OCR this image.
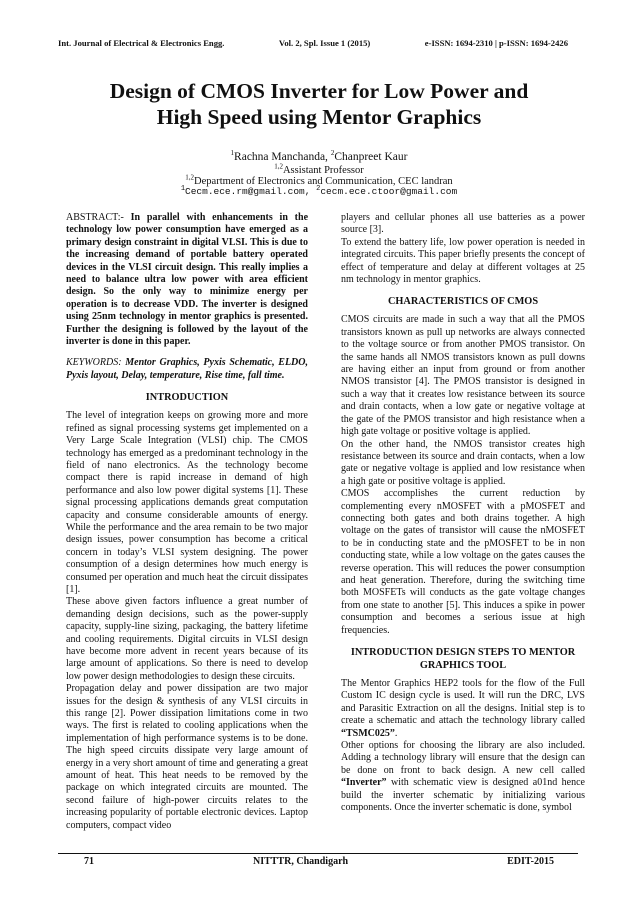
Int. Journal of Electrical & Electronics Engg.	Vol. 2, Spl. Issue 1 (2015)	e-ISSN: 1694-2310 | p-ISSN: 1694-2426
Design of CMOS Inverter for Low Power and
High Speed using Mentor Graphics
$^1$Rachna Manchanda, $^2$Chanpreet Kaur
$^{1,2}$Assistant Professor
$^{1,2}$Department of Electronics and Communication, CEC landran
$^1$Cecm.ece.rm@gmail.com, $^2$cecm.ece.ctoor@gmail.com

ABSTRACT:- In parallel with enhancements in the technology low power consumption have emerged as a primary design constraint in digital VLSI. This is due to the increasing demand of portable battery operated devices in the VLSI circuit design. This really implies a need to balance ultra low power with area efficient design. So the only way to minimize energy per operation is to decrease VDD. The inverter is designed using 25nm technology in mentor graphics is presented. Further the designing is followed by the layout of the inverter is done in this paper.

KEYWORDS: Mentor Graphics, Pyxis Schematic, ELDO, Pyxis layout, Delay, temperature, Rise time, fall time.

INTRODUCTION

The level of integration keeps on growing more and more refined as signal processing systems get implemented on a Very Large Scale Integration (VLSI) chip. The CMOS technology has emerged as a predominant technology in the field of nano electronics. As the technology become compact there is rapid increase in demand of high performance and also low power digital systems [1]. These signal processing applications demands great computation capacity and consume considerable amounts of energy. While the performance and the area remain to be two major design issues, power consumption has become a critical concern in today’s VLSI system designing. The power consumption of a design determines how much energy is consumed per operation and much heat the circuit dissipates [1].

These above given factors influence a great number of demanding design decisions, such as the power-supply capacity, supply-line sizing, packaging, the battery lifetime and cooling requirements. Digital circuits in VLSI design have become more advent in recent years because of its large amount of applications. So there is need to develop low power design methodologies to design these circuits.

Propagation delay and power dissipation are two major issues for the design & synthesis of any VLSI circuits in this range [2]. Power dissipation limitations come in two ways. The first is related to cooling applications when the implementation of high performance systems is to be done. The high speed circuits dissipate very large amount of energy in a very short amount of time and generating a great amount of heat. This heat needs to be removed by the package on which integrated circuits are mounted. The second failure of high-power circuits relates to the increasing popularity of portable electronic devices. Laptop computers, compact video

players and cellular phones all use batteries as a power source [3].

To extend the battery life, low power operation is needed in integrated circuits. This paper briefly presents the concept of effect of temperature and delay at different voltages at 25 nm technology in mentor graphics.

CHARACTERISTICS OF CMOS

CMOS circuits are made in such a way that all the PMOS transistors known as pull up networks are always connected to the voltage source or from another PMOS transistor. On the same hands all NMOS transistors known as pull downs are having either an input from ground or from another NMOS transistor [4]. The PMOS transistor is designed in such a way that it creates low resistance between its source and drain contacts, when a low gate or negative voltage at the gate of the PMOS transistor and high resistance when a high gate voltage or positive voltage is applied.

On the other hand, the NMOS transistor creates high resistance between its source and drain contacts, when a low gate or negative voltage is applied and low resistance when a high gate or positive voltage is applied.

CMOS accomplishes the current reduction by complementing every nMOSFET with a pMOSFET and connecting both gates and both drains together. A high voltage on the gates of transistor will cause the nMOSFET to be in conducting state and the pMOSFET to be in non conducting state, while a low voltage on the gates causes the reverse operation. This will reduces the power consumption and heat generation. Therefore, during the switching time both MOSFETs will conducts as the gate voltage changes from one state to another [5]. This induces a spike in power consumption and becomes a serious issue at high frequencies.

INTRODUCTION DESIGN STEPS TO MENTOR
GRAPHICS TOOL

The Mentor Graphics HEP2 tools for the flow of the Full Custom IC design cycle is used. It will run the DRC, LVS and Parasitic Extraction on all the designs. Initial step is to create a schematic and attach the technology library called “TSMC025”.

Other options for choosing the library are also included. Adding a technology library will ensure that the design can be done on front to back design. A new cell called “Inverter” with schematic view is designed a01nd hence build the inverter schematic by initializing various components. Once the inverter schematic is done, symbol

71	NITTTR, Chandigarh	EDIT-2015
